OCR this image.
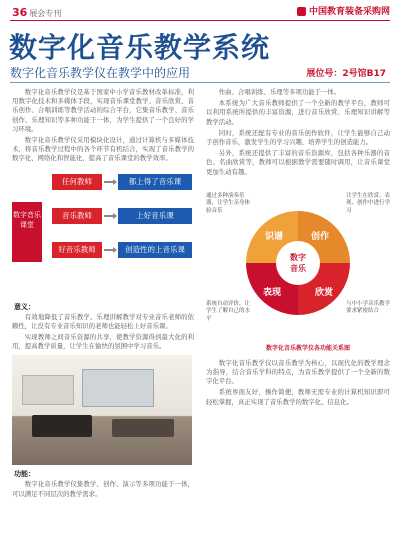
36 展会专刊	中国教育装备采购网
数字化音乐教学系统
数字化音乐教学仪在教学中的应用	展位号：2号馆B17

数字化音乐教学仪是基于国家中小学音乐教材改革标准，利用数字化技术和多媒体手段，实现音乐课堂教学、音乐欣赏、音乐创作、合唱训练等教学活动的综合平台，它集音乐教学、音乐创作、乐理知识等多种功能于一体，为学生提供了一个良好的学习环境。

数字化音乐教学仪采用模块化设计，通过计算机与多媒体技术，将音乐教学过程中的各个环节有机结合，实现了音乐教学的数字化、网络化和智能化，提高了音乐课堂的教学效率。

数字音乐课堂
任何教师	都上得了音乐课
音乐教师	上好音乐课
好音乐教师	创造性的上音乐课
意义：

有效地降低了音乐教学、乐理讲解教学对专业音乐老师的依赖性，让没有专业音乐知识的老师也能轻松上好音乐课。

实现教师之间音乐资源的共享，使教学资源得到最大化的利用，提高教学质量，让学生在愉快的氛围中学习音乐。

功能：

数字化音乐教学仪集教学、创作、演示等多项功能于一体，可以满足不同层次的教学需求。

作曲、合唱训练、乐理等多项功能于一体。

本系统为广大音乐教师提供了一个全新的教学平台，教师可以利用系统所提供的丰富资源，进行音乐欣赏、乐理知识讲解等教学活动。

同时，系统还配有专业的音乐创作软件，让学生能够自己动手创作音乐，激发学生的学习兴趣，培养学生的创造能力。

另外，系统还提供了丰富的音乐资源库，包括各种乐器的音色、名曲欣赏等，教师可以根据教学需要随时调用，让音乐课堂更加生动有趣。

数字
音乐
创作
欣赏
表现
识谱
通过多种演奏乐器，让学生亲身体验音乐
让学生在欣赏、表现、创作中进行学习
系统自动评价，让学生了解自己的水平
与中小学音乐教学要求紧密结合
数字化音乐教学仪各功能关系图

数字化音乐教学仪以音乐教学为核心，以现代化的教学理念为指导，结合音乐学科的特点，为音乐教学提供了一个全新的数字化平台。

系统界面友好，操作简便，教师无需专业的计算机知识即可轻松掌握，真正实现了音乐教学的数字化、信息化。
